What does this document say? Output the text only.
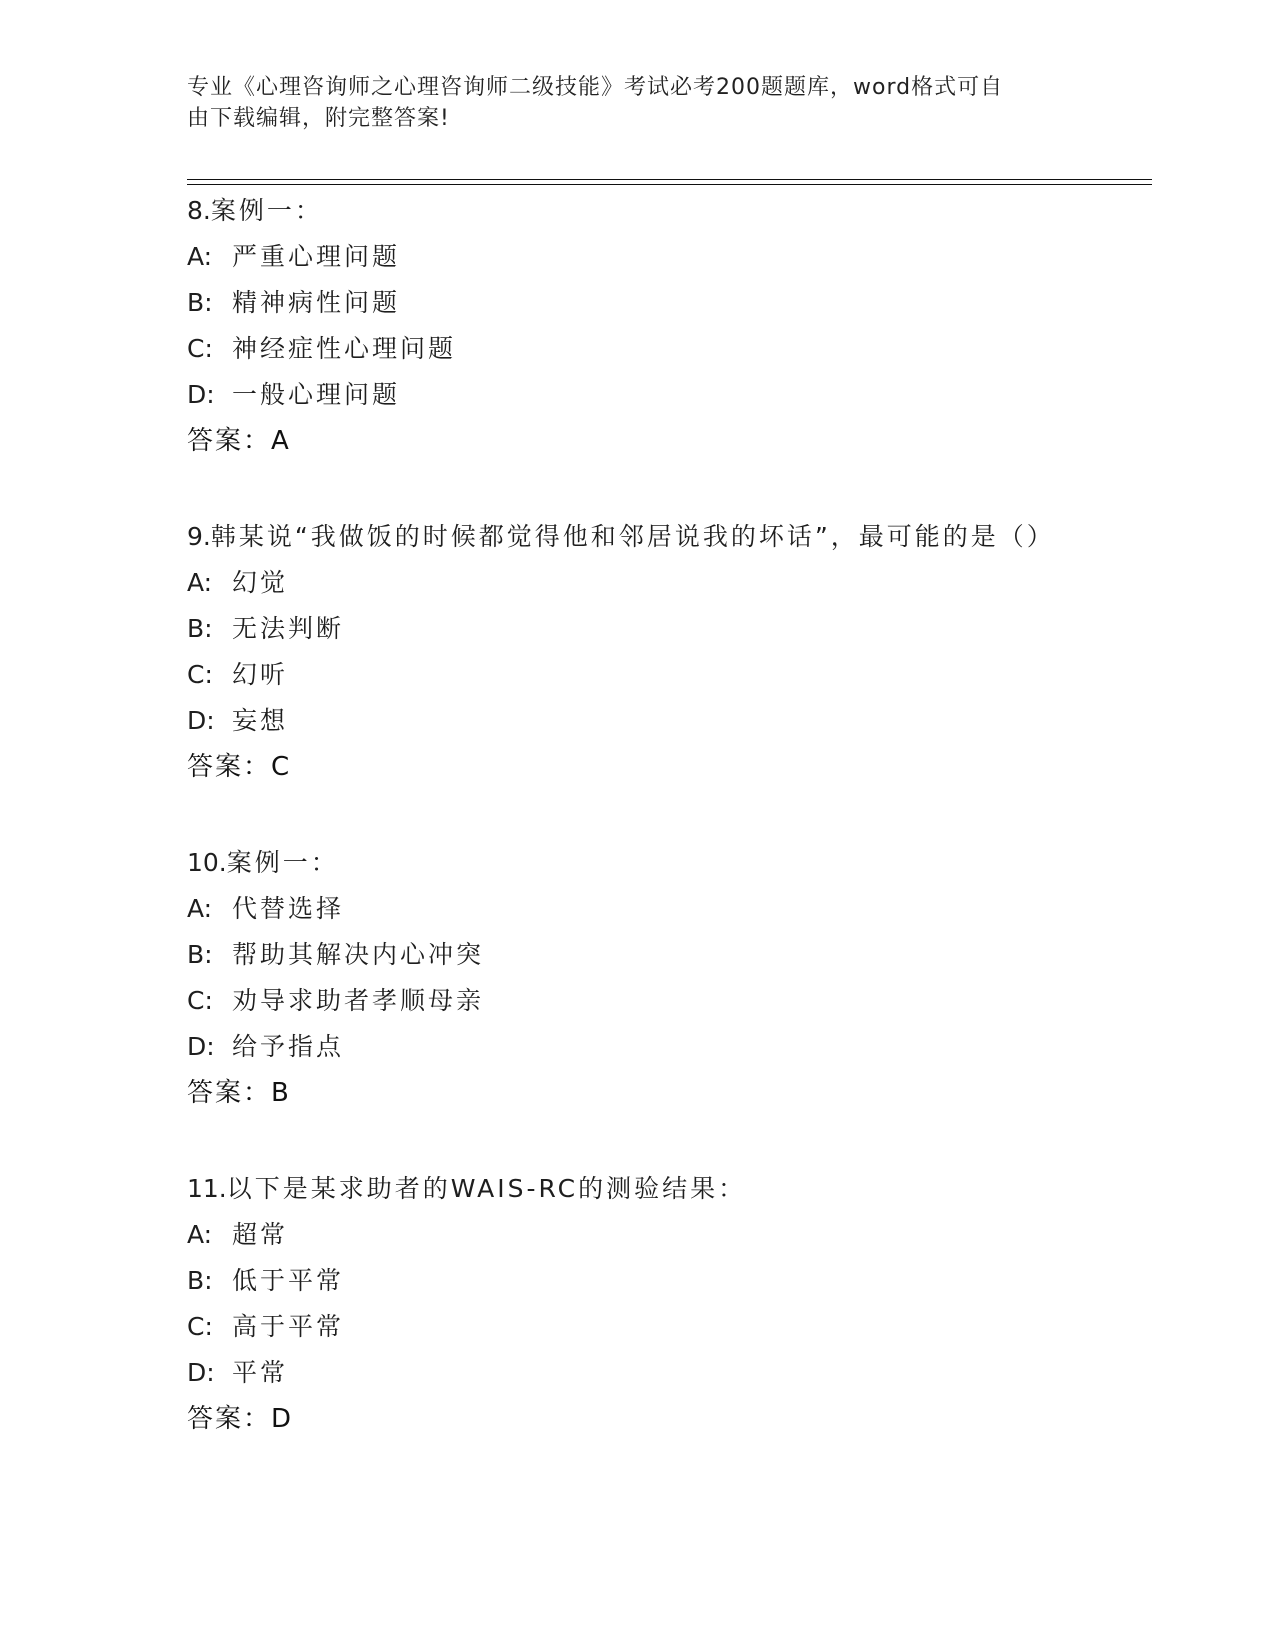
专业《心理咨询师之心理咨询师二级技能》考试必考200题题库，word格式可自
由下载编辑，附完整答案!
8.案例一：
A: 严重心理问题
B: 精神病性问题
C: 神经症性心理问题
D: 一般心理问题
答案： A
9.韩某说“我做饭的时候都觉得他和邻居说我的坏话”，最可能的是（）
A: 幻觉
B: 无法判断
C: 幻听
D: 妄想
答案： C
10.案例一：
A: 代替选择
B: 帮助其解决内心冲突
C: 劝导求助者孝顺母亲
D: 给予指点
答案： B
11.以下是某求助者的WAIS-RC的测验结果：
A: 超常
B: 低于平常
C: 高于平常
D: 平常
答案： D
